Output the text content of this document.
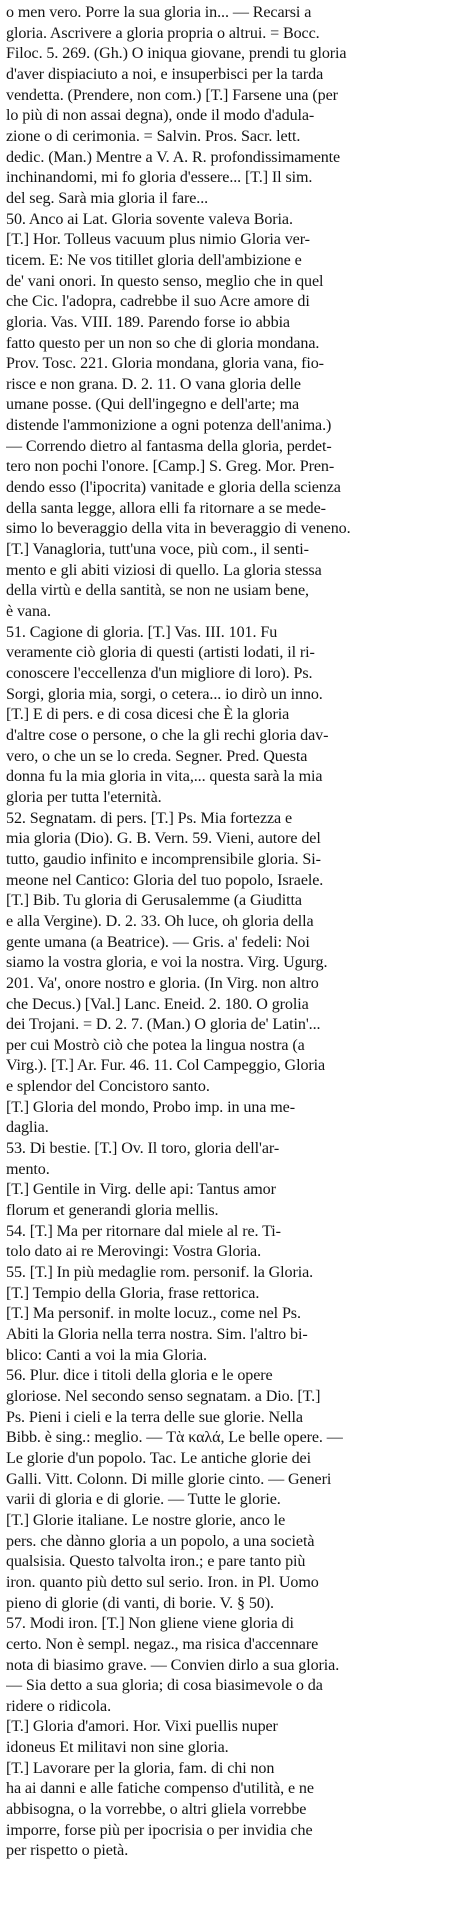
o men vero. Porre la sua gloria in... — Recarsi a
gloria. Ascrivere a gloria propria o altrui. = Bocc.
Filoc. 5. 269. (Gh.) O iniqua giovane, prendi tu gloria
d'aver dispiaciuto a noi, e insuperbisci per la tarda
vendetta. (Prendere, non com.) [T.] Farsene una (per
lo più di non assai degna), onde il modo d'adula-
zione o di cerimonia. = Salvin. Pros. Sacr. lett.
dedic. (Man.) Mentre a V. A. R. profondissimamente
inchinandomi, mi fo gloria d'essere... [T.] Il sim.
del seg. Sarà mia gloria il fare...
50. Anco ai Lat. Gloria sovente valeva Boria.
[T.] Hor. Tolleus vacuum plus nimio Gloria ver-
ticem. E: Ne vos titillet gloria dell'ambizione e
de' vani onori. In questo senso, meglio che in quel
che Cic. l'adopra, cadrebbe il suo Acre amore di
gloria. Vas. VIII. 189. Parendo forse io abbia
fatto questo per un non so che di gloria mondana.
Prov. Tosc. 221. Gloria mondana, gloria vana, fio-
risce e non grana. D. 2. 11. O vana gloria delle
umane posse. (Qui dell'ingegno e dell'arte; ma
distende l'ammonizione a ogni potenza dell'anima.)
— Correndo dietro al fantasma della gloria, perdet-
tero non pochi l'onore. [Camp.] S. Greg. Mor. Pren-
dendo esso (l'ipocrita) vanitade e gloria della scienza
della santa legge, allora elli fa ritornare a se mede-
simo lo beveraggio della vita in beveraggio di veneno.
[T.] Vanagloria, tutt'una voce, più com., il senti-
mento e gli abiti viziosi di quello. La gloria stessa
della virtù e della santità, se non ne usiam bene,
è vana.
51. Cagione di gloria. [T.] Vas. III. 101. Fu
veramente ciò gloria di questi (artisti lodati, il ri-
conoscere l'eccellenza d'un migliore di loro). Ps.
Sorgi, gloria mia, sorgi, o cetera... io dirò un inno.
[T.] E di pers. e di cosa dicesi che È la gloria
d'altre cose o persone, o che la gli rechi gloria dav-
vero, o che un se lo creda. Segner. Pred. Questa
donna fu la mia gloria in vita,... questa sarà la mia
gloria per tutta l'eternità.
52. Segnatam. di pers. [T.] Ps. Mia fortezza e
mia gloria (Dio). G. B. Vern. 59. Vieni, autore del
tutto, gaudio infinito e incomprensibile gloria. Si-
meone nel Cantico: Gloria del tuo popolo, Israele.
[T.] Bib. Tu gloria di Gerusalemme (a Giuditta
e alla Vergine). D. 2. 33. Oh luce, oh gloria della
gente umana (a Beatrice). — Gris. a' fedeli: Noi
siamo la vostra gloria, e voi la nostra. Virg. Ugurg.
201. Va', onore nostro e gloria. (In Virg. non altro
che Decus.) [Val.] Lanc. Eneid. 2. 180. O grolia
dei Trojani. = D. 2. 7. (Man.) O gloria de' Latin'...
per cui Mostrò ciò che potea la lingua nostra (a
Virg.). [T.] Ar. Fur. 46. 11. Col Campeggio, Gloria
e splendor del Concistoro santo.
[T.] Gloria del mondo, Probo imp. in una me-
daglia.
53. Di bestie. [T.] Ov. Il toro, gloria dell'ar-
mento.
[T.] Gentile in Virg. delle api: Tantus amor
florum et generandi gloria mellis.
54. [T.] Ma per ritornare dal miele al re. Ti-
tolo dato ai re Merovingi: Vostra Gloria.
55. [T.] In più medaglie rom. personif. la Gloria.
[T.] Tempio della Gloria, frase rettorica.
[T.] Ma personif. in molte locuz., come nel Ps.
Abiti la Gloria nella terra nostra. Sim. l'altro bi-
blico: Canti a voi la mia Gloria.
56. Plur. dice i titoli della gloria e le opere
gloriose. Nel secondo senso segnatam. a Dio. [T.]
Ps. Pieni i cieli e la terra delle sue glorie. Nella
Bibb. è sing.: meglio. — Τὰ καλά, Le belle opere. —
Le glorie d'un popolo. Tac. Le antiche glorie dei
Galli. Vitt. Colonn. Di mille glorie cinto. — Generi
varii di gloria e di glorie. — Tutte le glorie.
[T.] Glorie italiane. Le nostre glorie, anco le
pers. che dànno gloria a un popolo, a una società
qualsisia. Questo talvolta iron.; e pare tanto più
iron. quanto più detto sul serio. Iron. in Pl. Uomo
pieno di glorie (di vanti, di borie. V. § 50).
57. Modi iron. [T.] Non gliene viene gloria di
certo. Non è sempl. negaz., ma risica d'accennare
nota di biasimo grave. — Convien dirlo a sua gloria.
— Sia detto a sua gloria; di cosa biasimevole o da
ridere o ridicola.
[T.] Gloria d'amori. Hor. Vixi puellis nuper
idoneus Et militavi non sine gloria.
[T.] Lavorare per la gloria, fam. di chi non
ha ai danni e alle fatiche compenso d'utilità, e ne
abbisogna, o la vorrebbe, o altri gliela vorrebbe
imporre, forse più per ipocrisia o per invidia che
per rispetto o pietà.
